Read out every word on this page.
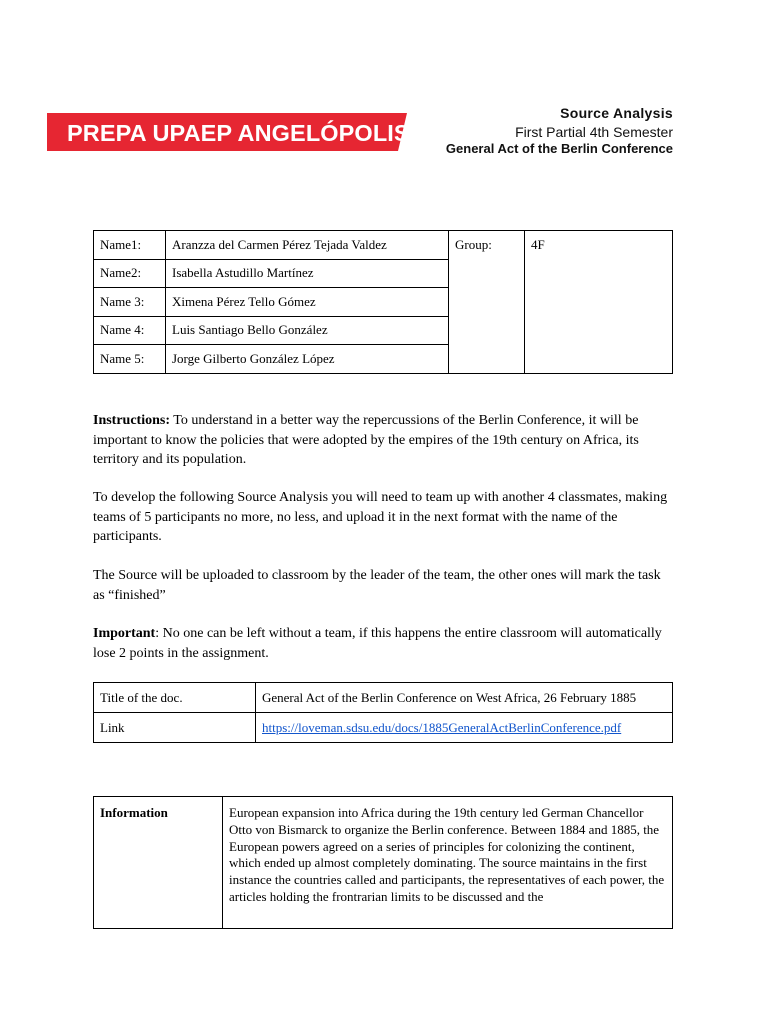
PREPA UPAEP ANGELÓPOLIS
Source Analysis
First Partial 4th Semester
General Act of the Berlin Conference
Name1:	Aranzza del Carmen Pérez Tejada Valdez	Group:	4F
Name2:	Isabella Astudillo Martínez		
Name 3:	Ximena Pérez Tello Gómez		
Name 4:	Luis Santiago Bello González		
Name 5:	Jorge Gilberto González López		
Instructions: To understand in a better way the repercussions of the Berlin Conference, it will be important to know the policies that were adopted by the empires of the 19th century on Africa, its territory and its population.
To develop the following Source Analysis you will need to team up with another 4 classmates, making teams of 5 participants no more, no less, and upload it in the next format with the name of the participants.
The Source will be uploaded to classroom by the leader of the team, the other ones will mark the task as “finished”
Important: No one can be left without a team, if this happens the entire classroom will automatically lose 2 points in the assignment.
Title of the doc.	General Act of the Berlin Conference on West Africa, 26 February 1885
Link	https://loveman.sdsu.edu/docs/1885GeneralActBerlinConference.pdf
Information	European expansion into Africa during the 19th century led German Chancellor Otto von Bismarck to organize the Berlin conference. Between 1884 and 1885, the European powers agreed on a series of principles for colonizing the continent, which ended up almost completely dominating. The source maintains in the first instance the countries called and participants, the representatives of each power, the articles holding the frontrarian limits to be discussed and the
